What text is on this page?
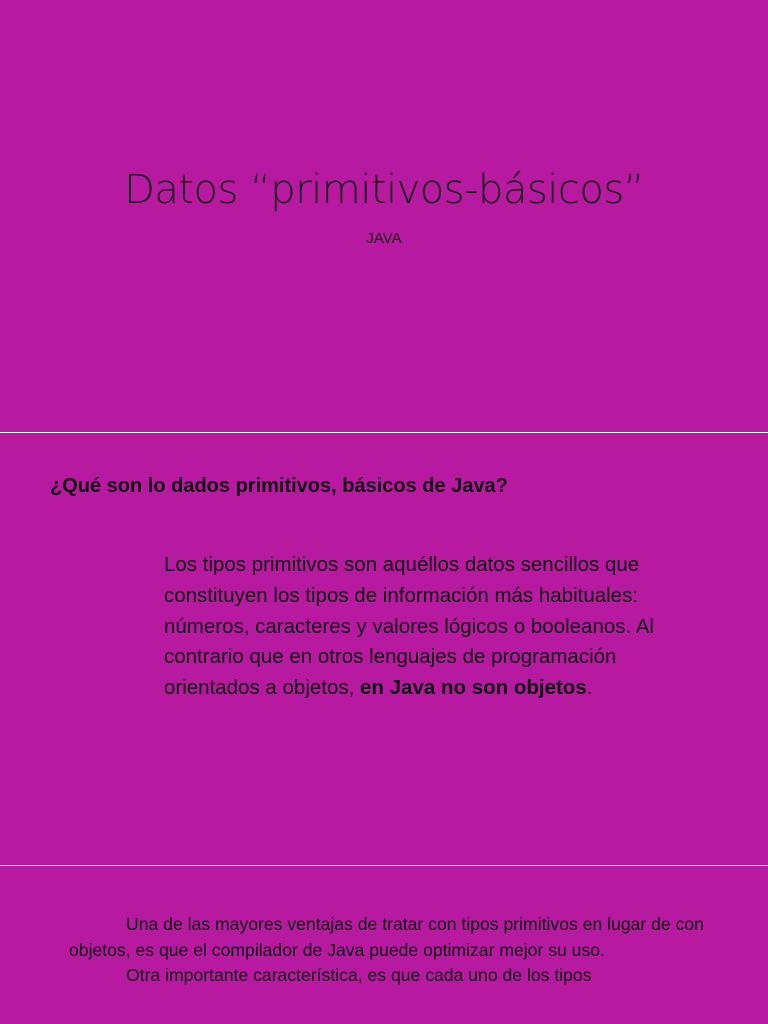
Datos “primitivos-básicos”
JAVA
¿Qué son lo dados primitivos, básicos de Java?
Los tipos primitivos son aquéllos datos sencillos que constituyen los tipos de información más habituales: números, caracteres y valores lógicos o booleanos. Al contrario que en otros lenguajes de programación orientados a objetos, en Java no son objetos.

Una de las mayores ventajas de tratar con tipos primitivos en lugar de con objetos, es que el compilador de Java puede optimizar mejor su uso.

Otra importante característica, es que cada uno de los tipos
